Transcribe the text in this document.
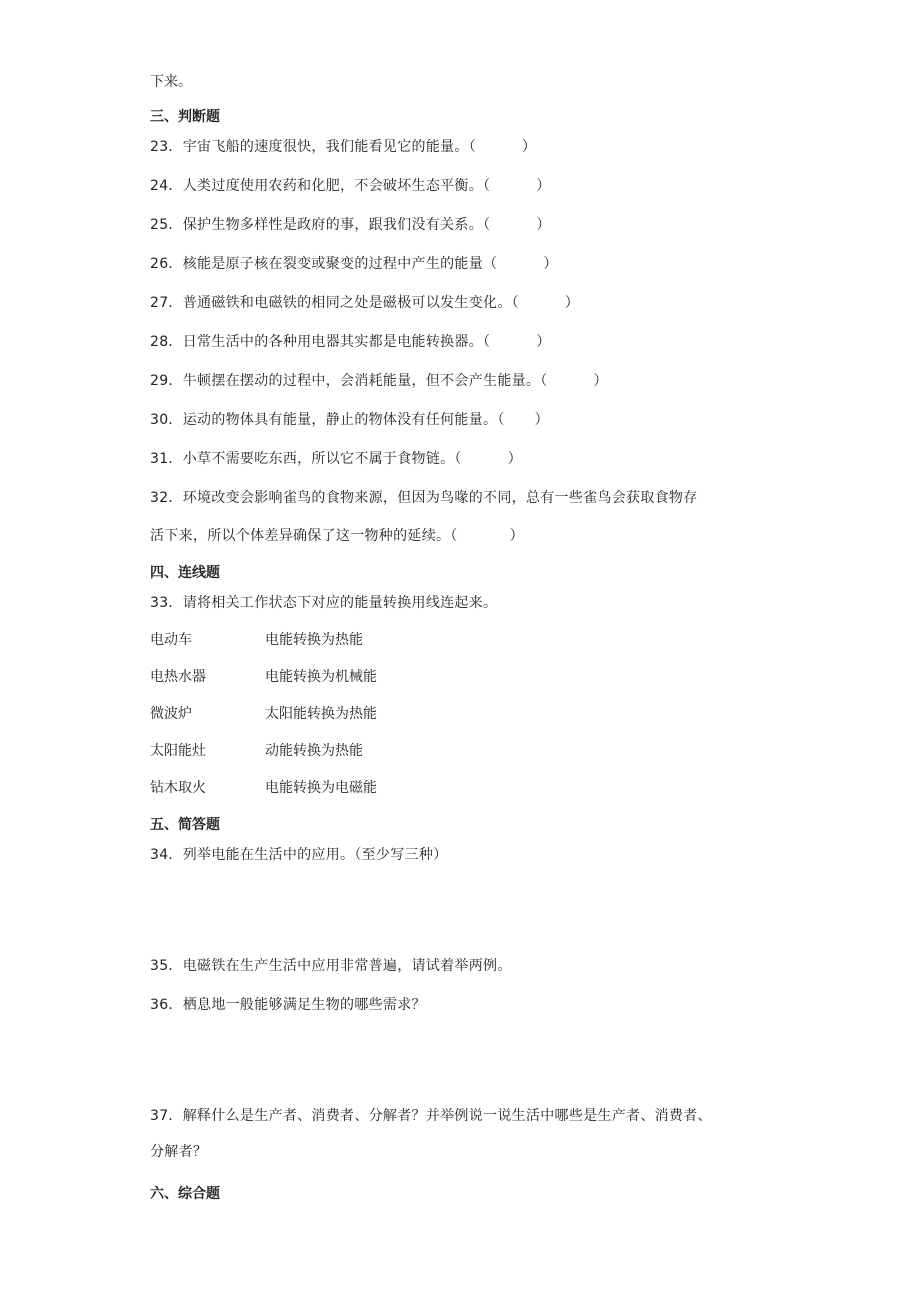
下来。
三、判断题
23．宇宙飞船的速度很快，我们能看见它的能量。（	）
24．人类过度使用农药和化肥，不会破坏生态平衡。（	）
25．保护生物多样性是政府的事，跟我们没有关系。（	）
26．核能是原子核在裂变或聚变的过程中产生的能量（	）
27．普通磁铁和电磁铁的相同之处是磁极可以发生变化。（	）
28．日常生活中的各种用电器其实都是电能转换器。（	）
29．牛顿摆在摆动的过程中，会消耗能量，但不会产生能量。（	）
30．运动的物体具有能量，静止的物体没有任何能量。（ ）
31．小草不需要吃东西，所以它不属于食物链。（	）
32．环境改变会影响雀鸟的食物来源，但因为鸟喙的不同，总有一些雀鸟会获取食物存
活下来，所以个体差异确保了这一物种的延续。（	）
四、连线题
33．请将相关工作状态下对应的能量转换用线连起来。
电动车	电能转换为热能
电热水器	电能转换为机械能
微波炉	太阳能转换为热能
太阳能灶	动能转换为热能
钻木取火	电能转换为电磁能
五、简答题
34．列举电能在生活中的应用。（至少写三种）
35．电磁铁在生产生活中应用非常普遍，请试着举两例。
36．栖息地一般能够满足生物的哪些需求？
37．解释什么是生产者、消费者、分解者？并举例说一说生活中哪些是生产者、消费者、
分解者？
六、综合题
